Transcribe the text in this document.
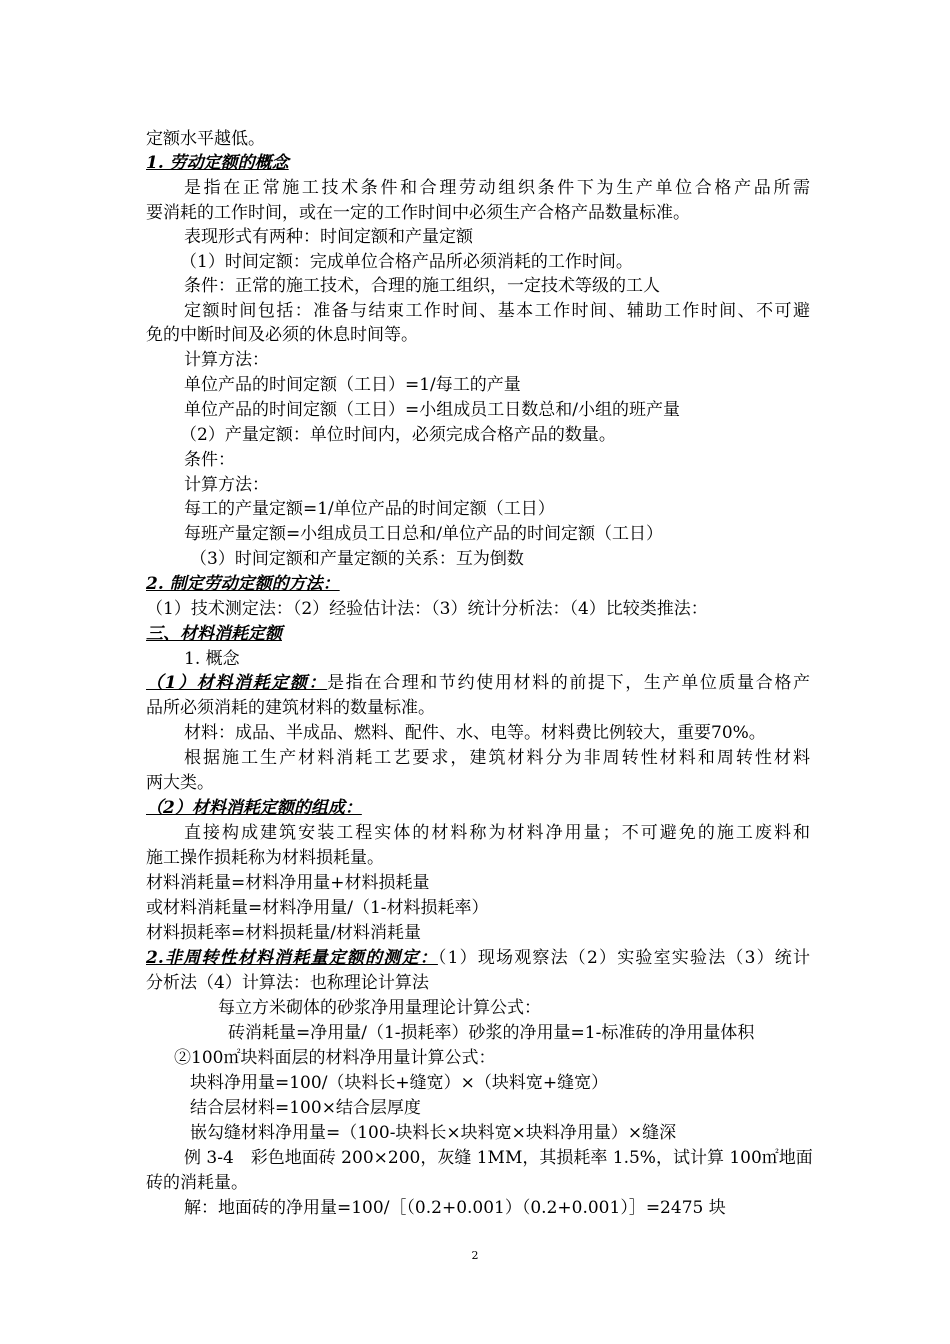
定额水平越低。
1. 劳动定额的概念
是指在正常施工技术条件和合理劳动组织条件下为生产单位合格产品所需
要消耗的工作时间，或在一定的工作时间中必须生产合格产品数量标准。
表现形式有两种：时间定额和产量定额
（1）时间定额：完成单位合格产品所必须消耗的工作时间。
条件：正常的施工技术，合理的施工组织，一定技术等级的工人
定额时间包括：准备与结束工作时间、基本工作时间、辅助工作时间、不可避
免的中断时间及必须的休息时间等。
计算方法：
单位产品的时间定额（工日）=1/每工的产量
单位产品的时间定额（工日）=小组成员工日数总和/小组的班产量
（2）产量定额：单位时间内，必须完成合格产品的数量。
条件：
计算方法：
每工的产量定额=1/单位产品的时间定额（工日）
每班产量定额=小组成员工日总和/单位产品的时间定额（工日）
（3）时间定额和产量定额的关系：互为倒数
2. 制定劳动定额的方法：
（1）技术测定法：（2）经验估计法：（3）统计分析法：（4）比较类推法：
三、材料消耗定额
1. 概念
（1）材料消耗定额：是指在合理和节约使用材料的前提下，生产单位质量合格产
品所必须消耗的建筑材料的数量标准。
材料：成品、半成品、燃料、配件、水、电等。材料费比例较大，重要70%。
根据施工生产材料消耗工艺要求，建筑材料分为非周转性材料和周转性材料
两大类。
（2）材料消耗定额的组成：
直接构成建筑安装工程实体的材料称为材料净用量；不可避免的施工废料和
施工操作损耗称为材料损耗量。
材料消耗量=材料净用量+材料损耗量
或材料消耗量=材料净用量/（1-材料损耗率）
材料损耗率=材料损耗量/材料消耗量
2.非周转性材料消耗量定额的测定：（1）现场观察法（2）实验室实验法（3）统计
分析法（4）计算法：也称理论计算法
每立方米砌体的砂浆净用量理论计算公式：
砖消耗量=净用量/（1-损耗率）砂浆的净用量=1-标准砖的净用量体积
②100㎡块料面层的材料净用量计算公式：
块料净用量=100/（块料长+缝宽）×（块料宽+缝宽）
结合层材料=100×结合层厚度
嵌勾缝材料净用量=（100-块料长×块料宽×块料净用量）×缝深
例 3-4　彩色地面砖 200×200，灰缝 1MM，其损耗率 1.5%，试计算 100㎡地面
砖的消耗量。
解：地面砖的净用量=100/［（0.2+0.001）（0.2+0.001）］=2475 块
2
